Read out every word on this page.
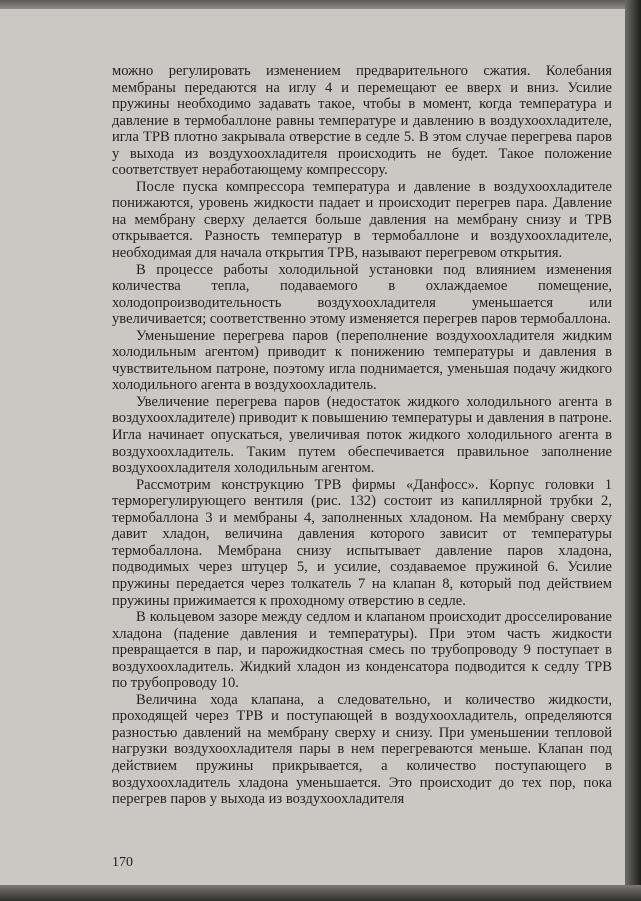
можно регулировать изменением предварительного сжатия. Колебания мембраны передаются на иглу 4 и перемещают ее вверх и вниз. Усилие пружины необходимо задавать такое, чтобы в момент, когда температура и давление в термобаллоне равны температуре и давлению в воздухоохладителе, игла ТРВ плотно закрывала отверстие в седле 5. В этом случае перегрева паров у выхода из воздухоохладителя происходить не будет. Такое положение соответствует неработающему компрессору.

После пуска компрессора температура и давление в воздухоохладителе понижаются, уровень жидкости падает и происходит перегрев пара. Давление на мембрану сверху делается больше давления на мембрану снизу и ТРВ открывается. Разность температур в термобаллоне и воздухоохладителе, необходимая для начала открытия ТРВ, называют перегревом открытия.

В процессе работы холодильной установки под влиянием изменения количества тепла, подаваемого в охлаждаемое помещение, холодопроизводительность воздухоохладителя уменьшается или увеличивается; соответственно этому изменяется перегрев паров термобаллона.

Уменьшение перегрева паров (переполнение воздухоохладителя жидким холодильным агентом) приводит к понижению температуры и давления в чувствительном патроне, поэтому игла поднимается, уменьшая подачу жидкого холодильного агента в воздухоохладитель.

Увеличение перегрева паров (недостаток жидкого холодильного агента в воздухоохладителе) приводит к повышению температуры и давления в патроне. Игла начинает опускаться, увеличивая поток жидкого холодильного агента в воздухоохладитель. Таким путем обеспечивается правильное заполнение воздухоохладителя холодильным агентом.

Рассмотрим конструкцию ТРВ фирмы «Данфосс». Корпус головки 1 терморегулирующего вентиля (рис. 132) состоит из капиллярной трубки 2, термобаллона 3 и мембраны 4, заполненных хладоном. На мембрану сверху давит хладон, величина давления которого зависит от температуры термобаллона. Мембрана снизу испытывает давление паров хладона, подводимых через штуцер 5, и усилие, создаваемое пружиной 6. Усилие пружины передается через толкатель 7 на клапан 8, который под действием пружины прижимается к проходному отверстию в седле.

В кольцевом зазоре между седлом и клапаном происходит дросселирование хладона (падение давления и температуры). При этом часть жидкости превращается в пар, и парожидкостная смесь по трубопроводу 9 поступает в воздухоохладитель. Жидкий хладон из конденсатора подводится к седлу ТРВ по трубопроводу 10.

Величина хода клапана, а следовательно, и количество жидкости, проходящей через ТРВ и поступающей в воздухоохладитель, определяются разностью давлений на мембрану сверху и снизу. При уменьшении тепловой нагрузки воздухоохладителя пары в нем перегреваются меньше. Клапан под действием пружины прикрывается, а количество поступающего в воздухоохладитель хладона уменьшается. Это происходит до тех пор, пока перегрев паров у выхода из воздухоохладителя

170
